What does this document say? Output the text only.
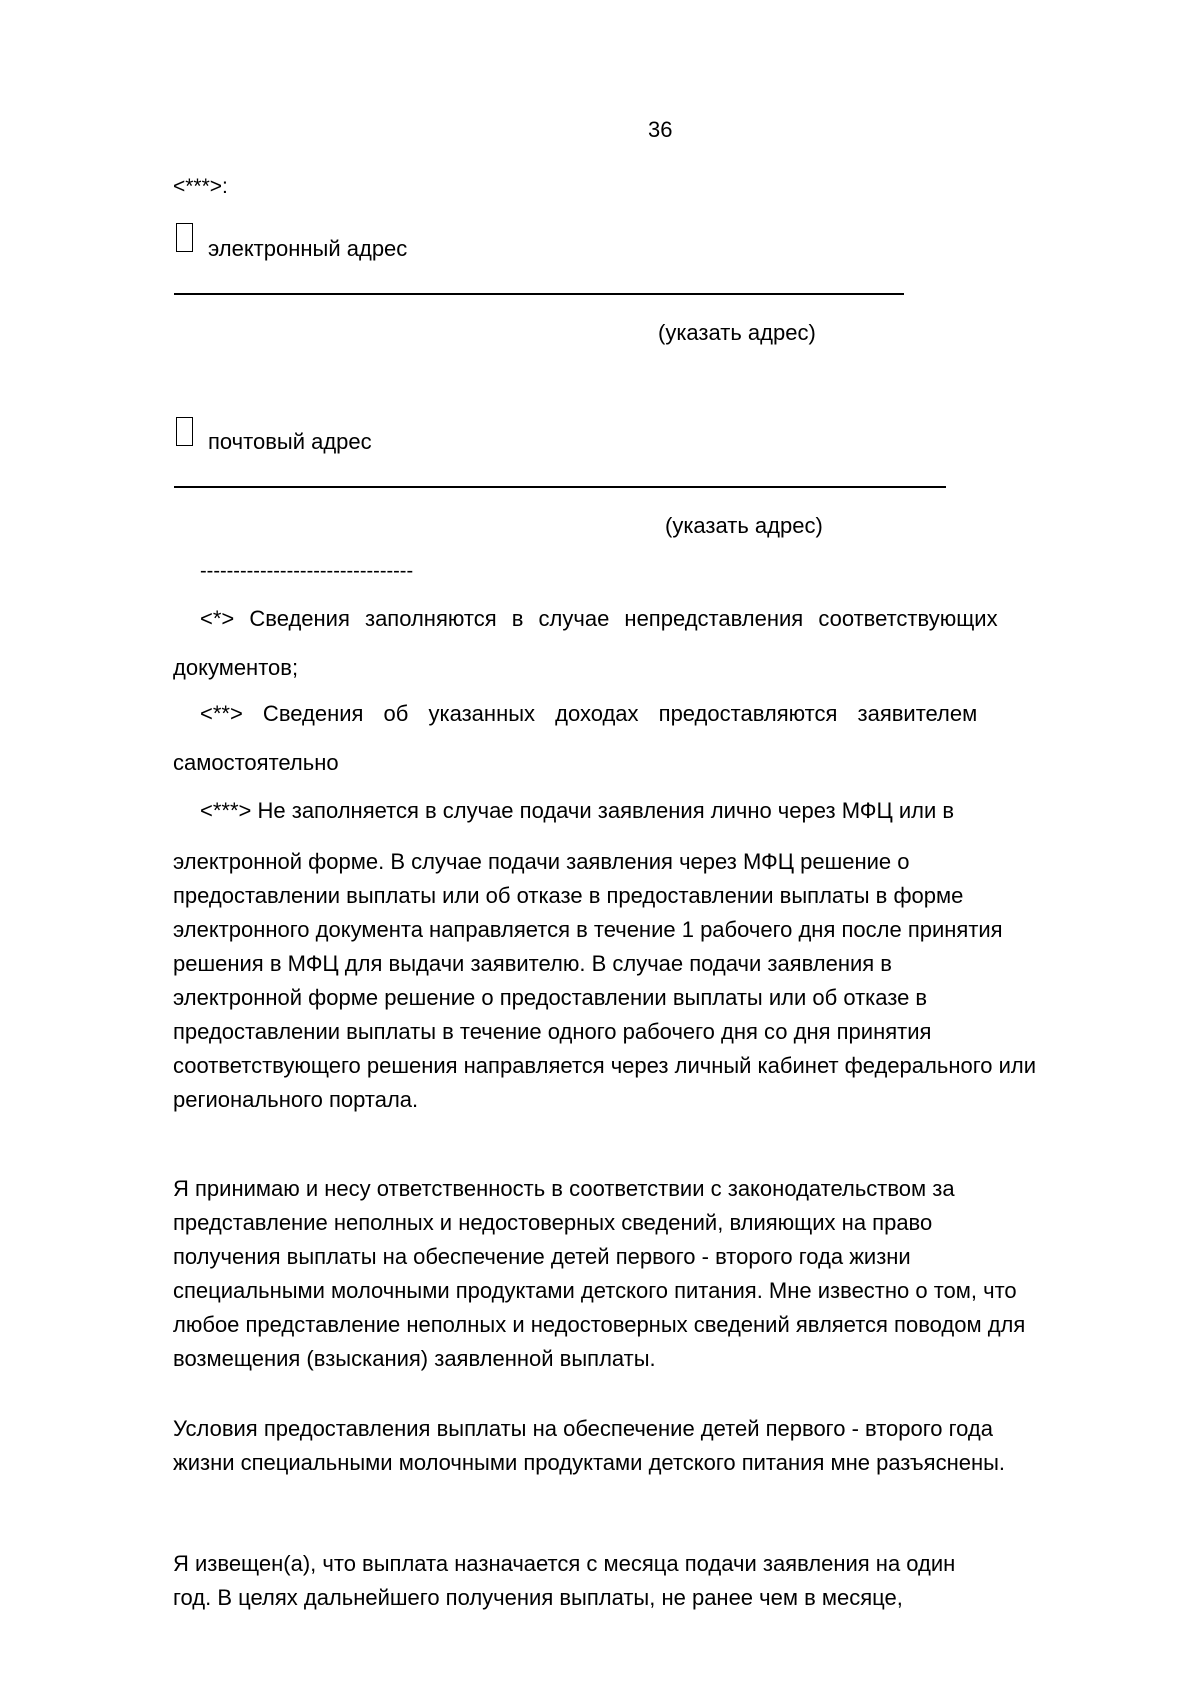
36
<***>:
электронный адрес
(указать адрес)
почтовый адрес
(указать адрес)
--------------------------------
<*> Сведения заполняются в случае непредставления соответствующих
документов;
<**> Сведения об указанных доходах предоставляются заявителем
самостоятельно
<***> Не заполняется в случае подачи заявления лично через МФЦ или в

электронной форме. В случае подачи заявления через МФЦ решение о

предоставлении выплаты или об отказе в предоставлении выплаты в форме

электронного документа направляется в течение 1 рабочего дня после принятия

решения в МФЦ для выдачи заявителю. В случае подачи заявления в

электронной форме решение о предоставлении выплаты или об отказе в

предоставлении выплаты в течение одного рабочего дня со дня принятия

соответствующего решения направляется через личный кабинет федерального или

регионального портала.

Я принимаю и несу ответственность в соответствии с законодательством за

представление неполных и недостоверных сведений, влияющих на право

получения выплаты на обеспечение детей первого - второго года жизни

специальными молочными продуктами детского питания. Мне известно о том, что

любое представление неполных и недостоверных сведений является поводом для

возмещения (взыскания) заявленной выплаты.

Условия предоставления выплаты на обеспечение детей первого - второго года

жизни специальными молочными продуктами детского питания мне разъяснены.

Я извещен(а), что выплата назначается с месяца подачи заявления на один

год. В целях дальнейшего получения выплаты, не ранее чем в месяце,
